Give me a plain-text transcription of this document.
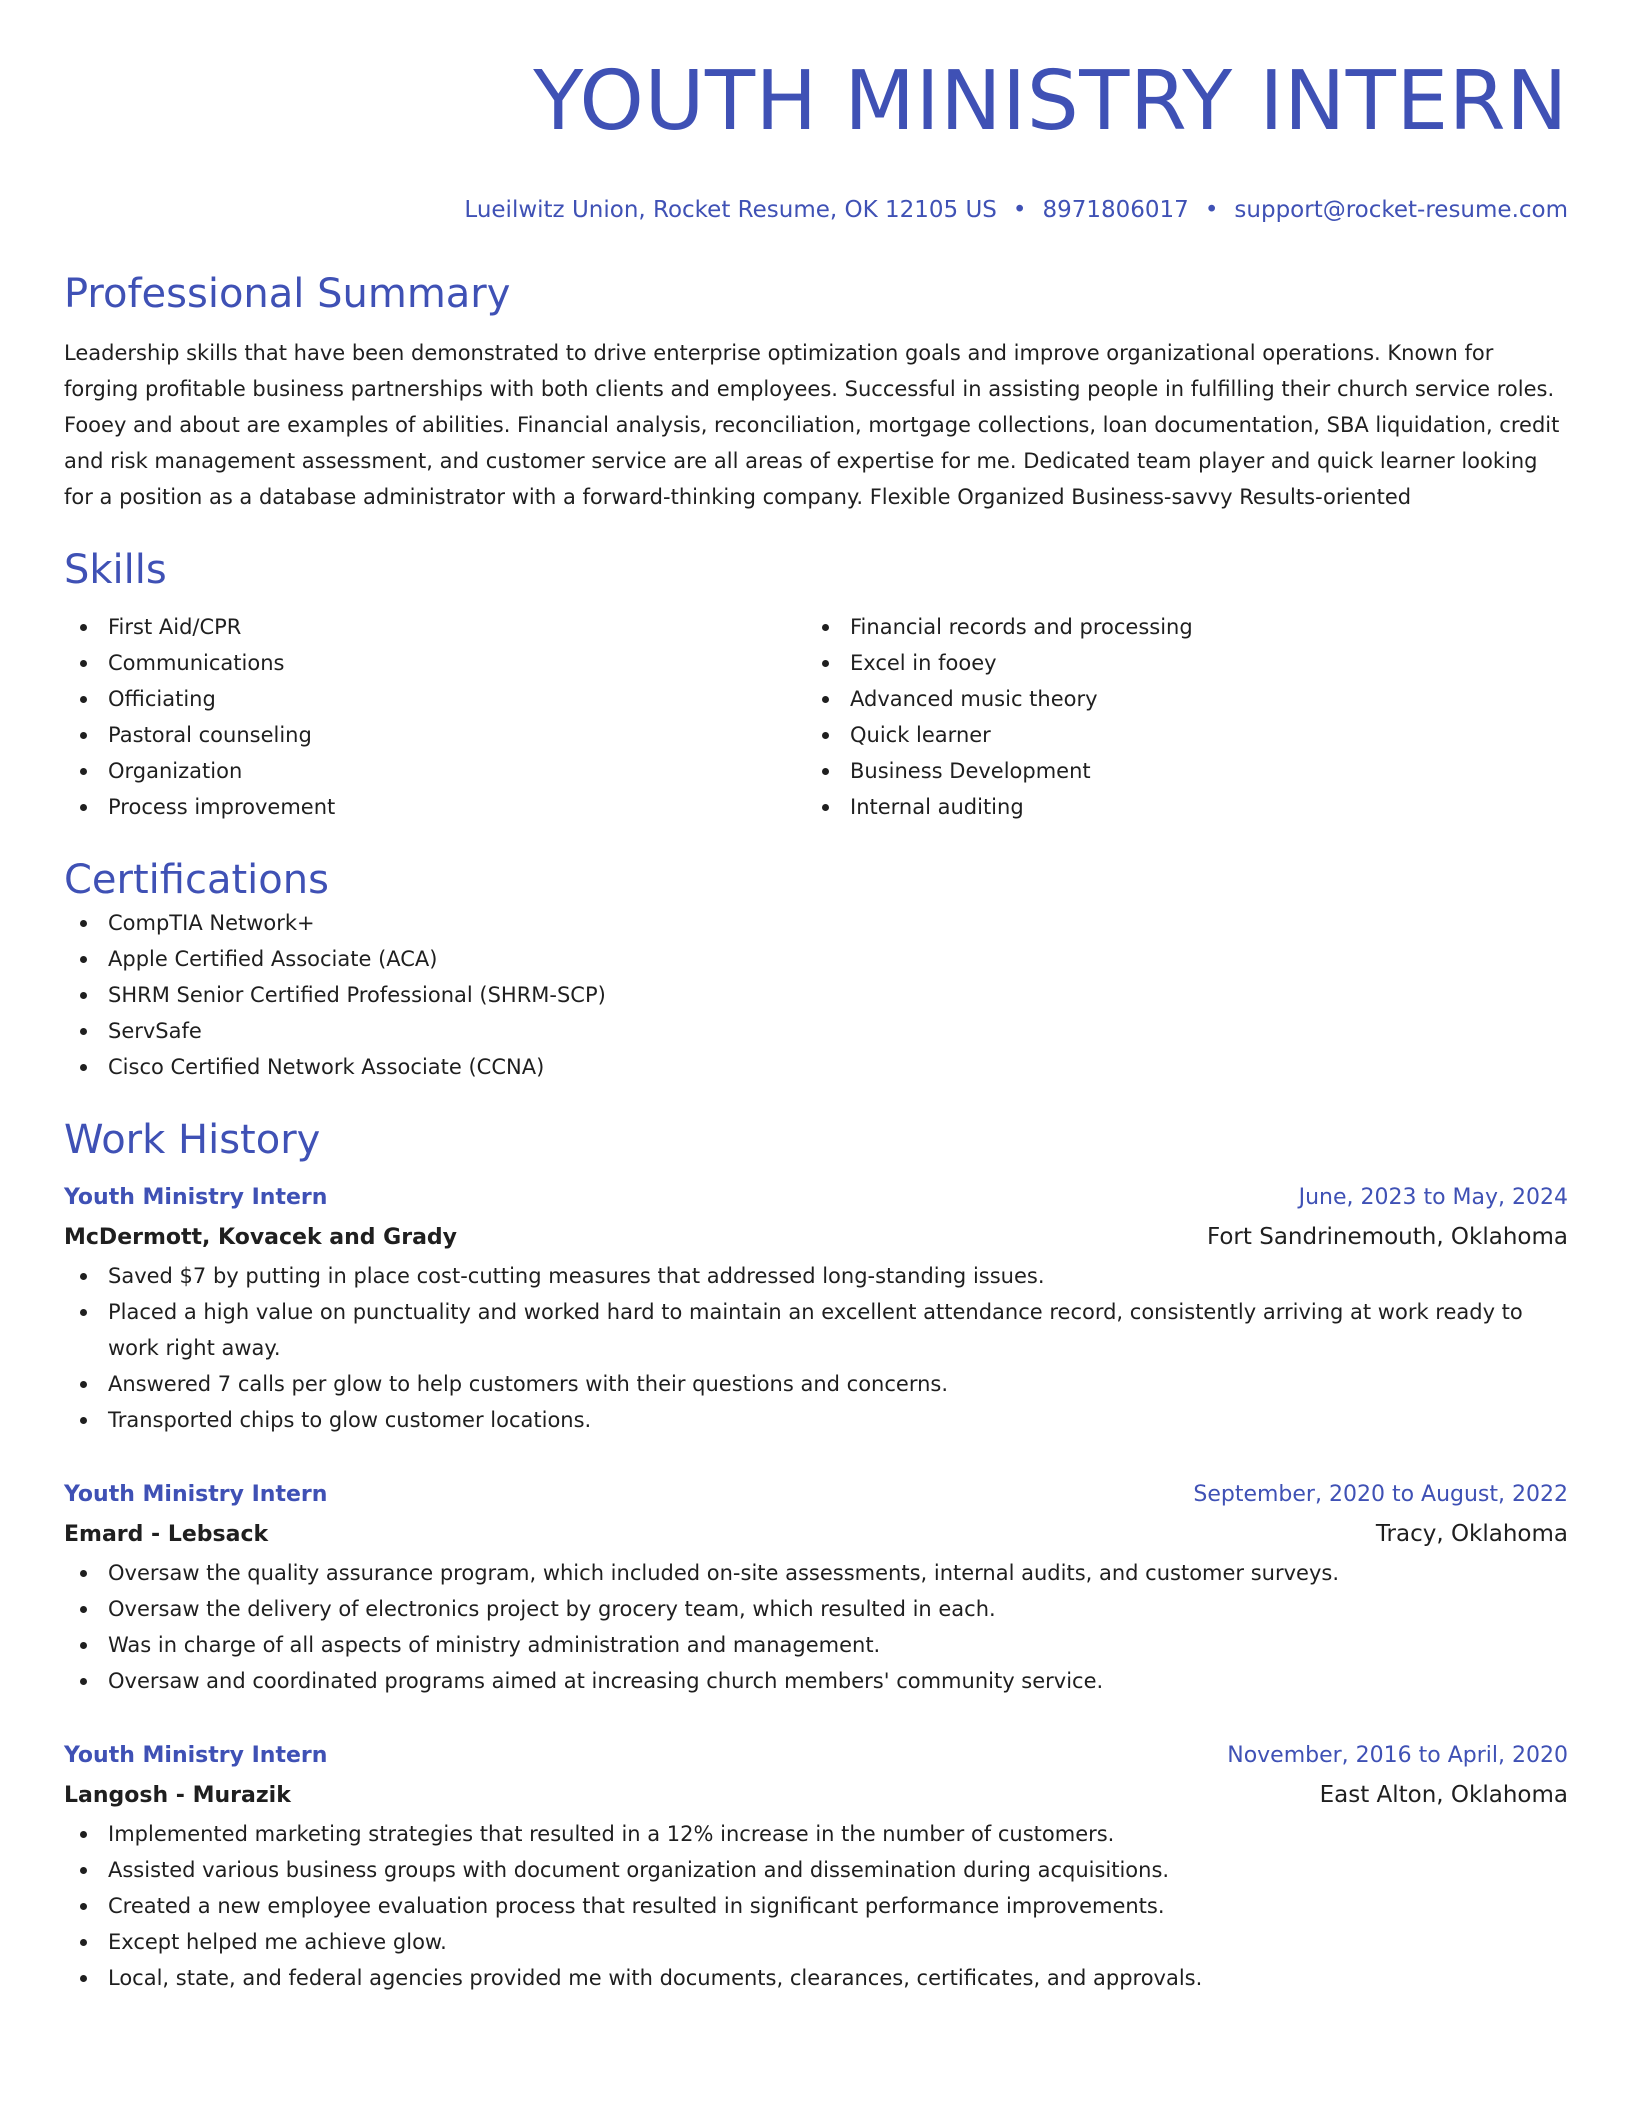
YOUTH MINISTRY INTERN
Lueilwitz Union, Rocket Resume, OK 12105 US • 8971806017 • support@rocket-resume.com
Professional Summary
Leadership skills that have been demonstrated to drive enterprise optimization goals and improve organizational operations. Known for forging profitable business partnerships with both clients and employees. Successful in assisting people in fulfilling their church service roles. Fooey and about are examples of abilities. Financial analysis, reconciliation, mortgage collections, loan documentation, SBA liquidation, credit and risk management assessment, and customer service are all areas of expertise for me. Dedicated team player and quick learner looking for a position as a database administrator with a forward-thinking company. Flexible Organized Business-savvy Results-oriented
Skills
First Aid/CPR
Communications
Officiating
Pastoral counseling
Organization
Process improvement
Financial records and processing
Excel in fooey
Advanced music theory
Quick learner
Business Development
Internal auditing
Certifications
CompTIA Network+
Apple Certified Associate (ACA)
SHRM Senior Certified Professional (SHRM-SCP)
ServSafe
Cisco Certified Network Associate (CCNA)
Work History
Youth Ministry Intern	June, 2023 to May, 2024
McDermott, Kovacek and Grady	Fort Sandrinemouth, Oklahoma
Saved $7 by putting in place cost-cutting measures that addressed long-standing issues.
Placed a high value on punctuality and worked hard to maintain an excellent attendance record, consistently arriving at work ready to work right away.
Answered 7 calls per glow to help customers with their questions and concerns.
Transported chips to glow customer locations.
Youth Ministry Intern	September, 2020 to August, 2022
Emard - Lebsack	Tracy, Oklahoma
Oversaw the quality assurance program, which included on-site assessments, internal audits, and customer surveys.
Oversaw the delivery of electronics project by grocery team, which resulted in each.
Was in charge of all aspects of ministry administration and management.
Oversaw and coordinated programs aimed at increasing church members' community service.
Youth Ministry Intern	November, 2016 to April, 2020
Langosh - Murazik	East Alton, Oklahoma
Implemented marketing strategies that resulted in a 12% increase in the number of customers.
Assisted various business groups with document organization and dissemination during acquisitions.
Created a new employee evaluation process that resulted in significant performance improvements.
Except helped me achieve glow.
Local, state, and federal agencies provided me with documents, clearances, certificates, and approvals.
